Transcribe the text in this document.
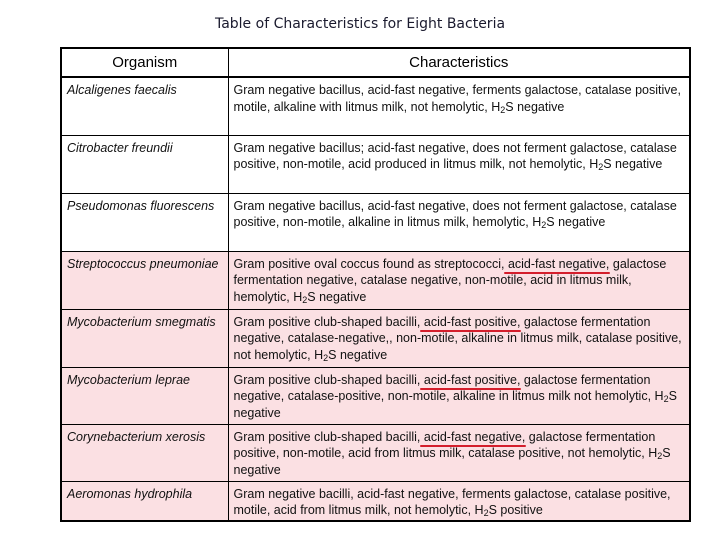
Table of Characteristics for Eight Bacteria
Organism	Characteristics
Alcaligenes faecalis	Gram negative bacillus, acid-fast negative, ferments galactose, catalase positive, motile, alkaline with litmus milk, not hemolytic, $H_2S$ negative
Citrobacter freundii	Gram negative bacillus; acid-fast negative, does not ferment galactose, catalase positive, non-motile, acid produced in litmus milk, not hemolytic, $H_2S$ negative
Pseudomonas fluorescens	Gram negative bacillus, acid-fast negative, does not ferment galactose, catalase positive, non-motile, alkaline in litmus milk, hemolytic, $H_2S$ negative
Streptococcus pneumoniae	Gram positive oval coccus found as streptococci, acid-fast negative, galactose fermentation negative, catalase negative, non-motile, acid in litmus milk, hemolytic, $H_2S$ negative
Mycobacterium smegmatis	Gram positive club-shaped bacilli, acid-fast positive, galactose fermentation negative, catalase-negative,, non-motile, alkaline in litmus milk, catalase positive, not hemolytic, $H_2S$ negative
Mycobacterium leprae	Gram positive club-shaped bacilli, acid-fast positive, galactose fermentation negative, catalase-positive, non-motile, alkaline in litmus milk not hemolytic, $H_2S$ negative
Corynebacterium xerosis	Gram positive club-shaped bacilli, acid-fast negative, galactose fermentation positive, non-motile, acid from litmus milk, catalase positive, not hemolytic, $H_2S$ negative
Aeromonas hydrophila	Gram negative bacilli, acid-fast negative, ferments galactose, catalase positive, motile, acid from litmus milk, not hemolytic, $H_2S$ positive
